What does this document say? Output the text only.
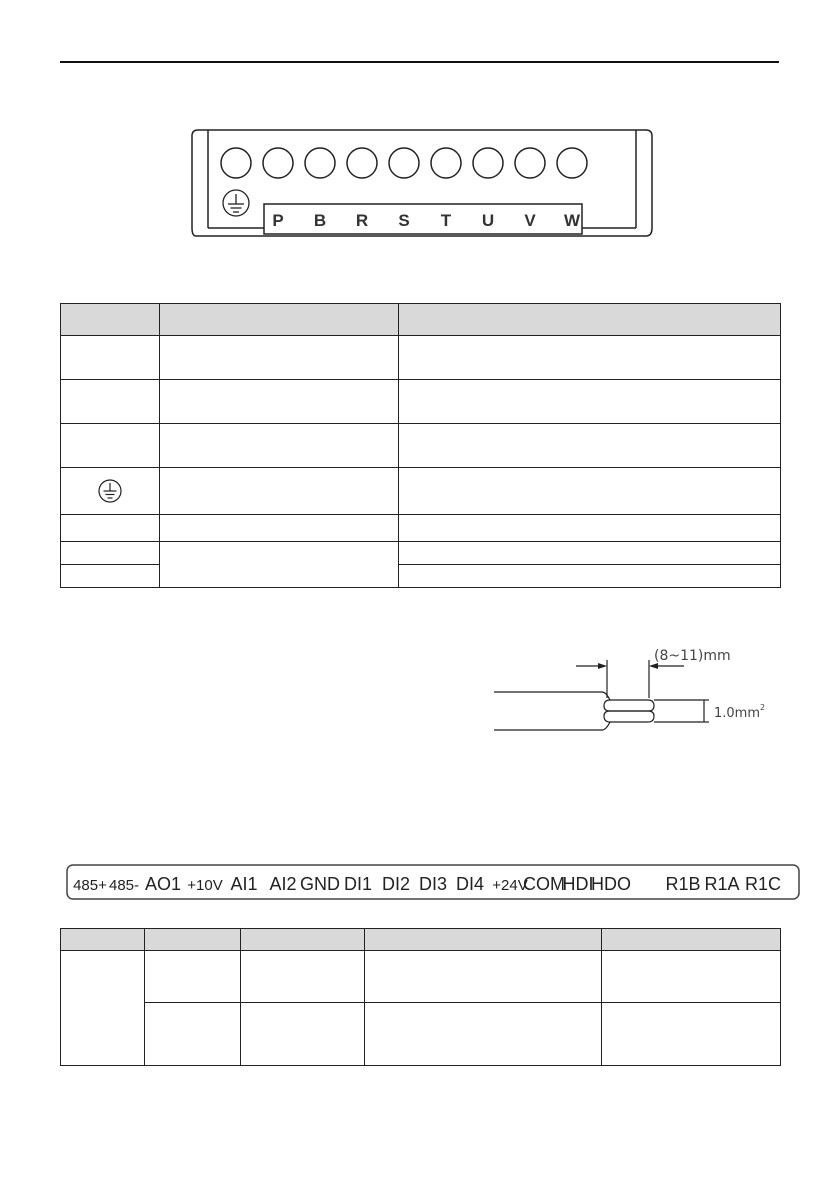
P B R S T U V W

(8~11)mm
$1.0mm^2$
485+ 485- AO1 +10V AI1 AI2 GND DI1 DI2 DI3 DI4 +24V
COM
HDI
HDO R1B R1A R1C
